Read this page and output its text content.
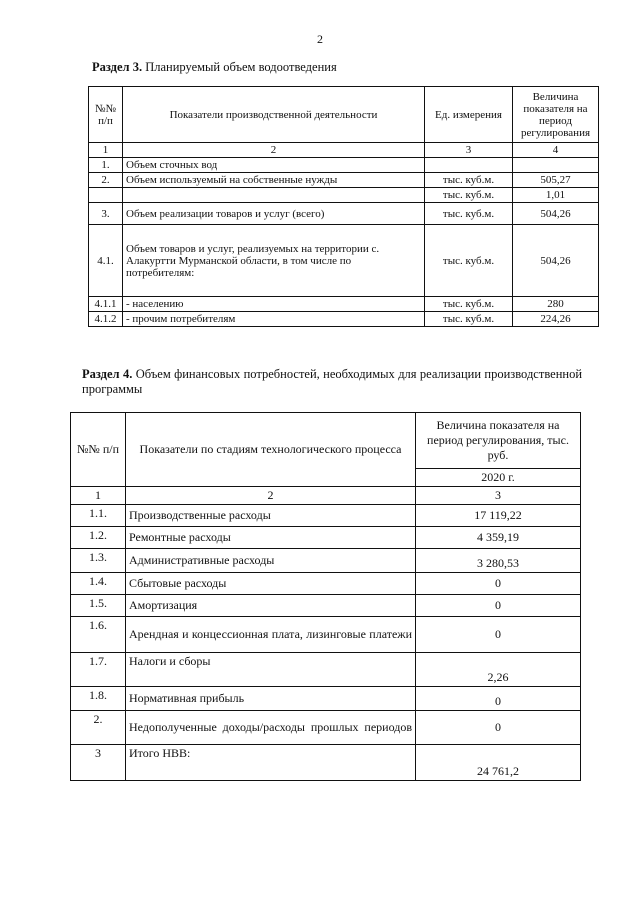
2
Раздел 3. Планируемый объем водоотведения
№№ п/п	Показатели производственной деятельности	Ед. измерения	Величина показателя на период регулирования
1	2	3	4
1.	Объем сточных вод		
2.	Объем используемый на собственные нужды	тыс. куб.м.	505,27
		тыс. куб.м.	1,01
3.	Объем реализации товаров и услуг (всего)	тыс. куб.м.	504,26
4.1.	Объем товаров и услуг, реализуемых на территории с. Алакуртти Мурманской области, в том числе по потребителям:	тыс. куб.м.	504,26
4.1.1	- населению	тыс. куб.м.	280
4.1.2	- прочим потребителям	тыс. куб.м.	224,26
Раздел 4. Объем финансовых потребностей, необходимых для реализации производственной программы
№№ п/п	Показатели по стадиям технологического процесса	Величина показателя на период регулирования, тыс. руб.
		2020 г.
1	2	3
1.1.	Производственные расходы	17 119,22
1.2.	Ремонтные расходы	4 359,19
1.3.	Административные расходы	3 280,53
1.4.	Сбытовые расходы	0
1.5.	Амортизация	0
1.6.	Арендная и концессионная плата, лизинговые платежи	0
1.7.	Налоги и сборы	2,26
1.8.	Нормативная прибыль	0
2.	Недополученные доходы/расходы прошлых периодов	0
3	Итого НВВ:	24 761,2
